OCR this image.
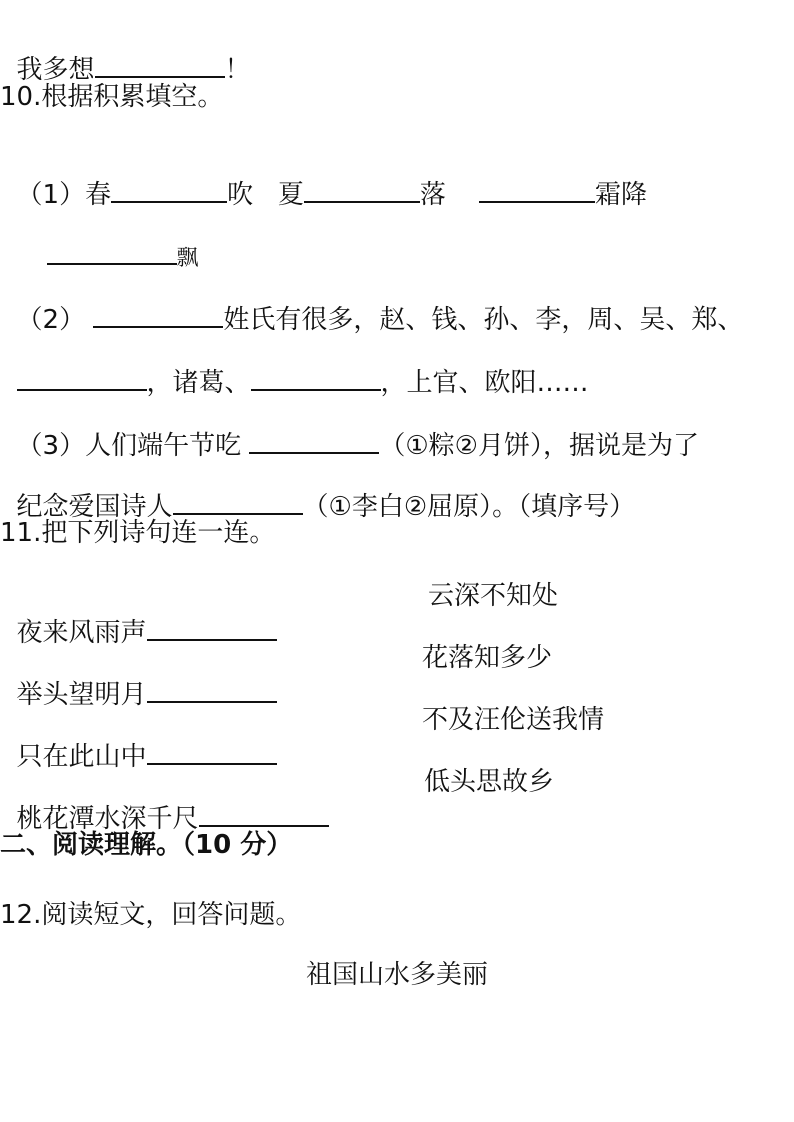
我多想	！

10.根据积累填空。

（1）春	吹 夏	落	霜降

飘

（2）	姓氏有很多，赵、钱、孙、李，周、吴、郑、

，诸葛、	，上官、欧阳……

（3）人们端午节吃	（①粽②月饼），据说是为了

纪念爱国诗人	（①李白②屈原）。（填序号）

11.把下列诗句连一连。

夜来风雨声

云深不知处

举头望明月

花落知多少

只在此山中

不及汪伦送我情

桃花潭水深千尺

低头思故乡
二、阅读理解。（10 分）
12.阅读短文，回答问题。
祖国山水多美丽
